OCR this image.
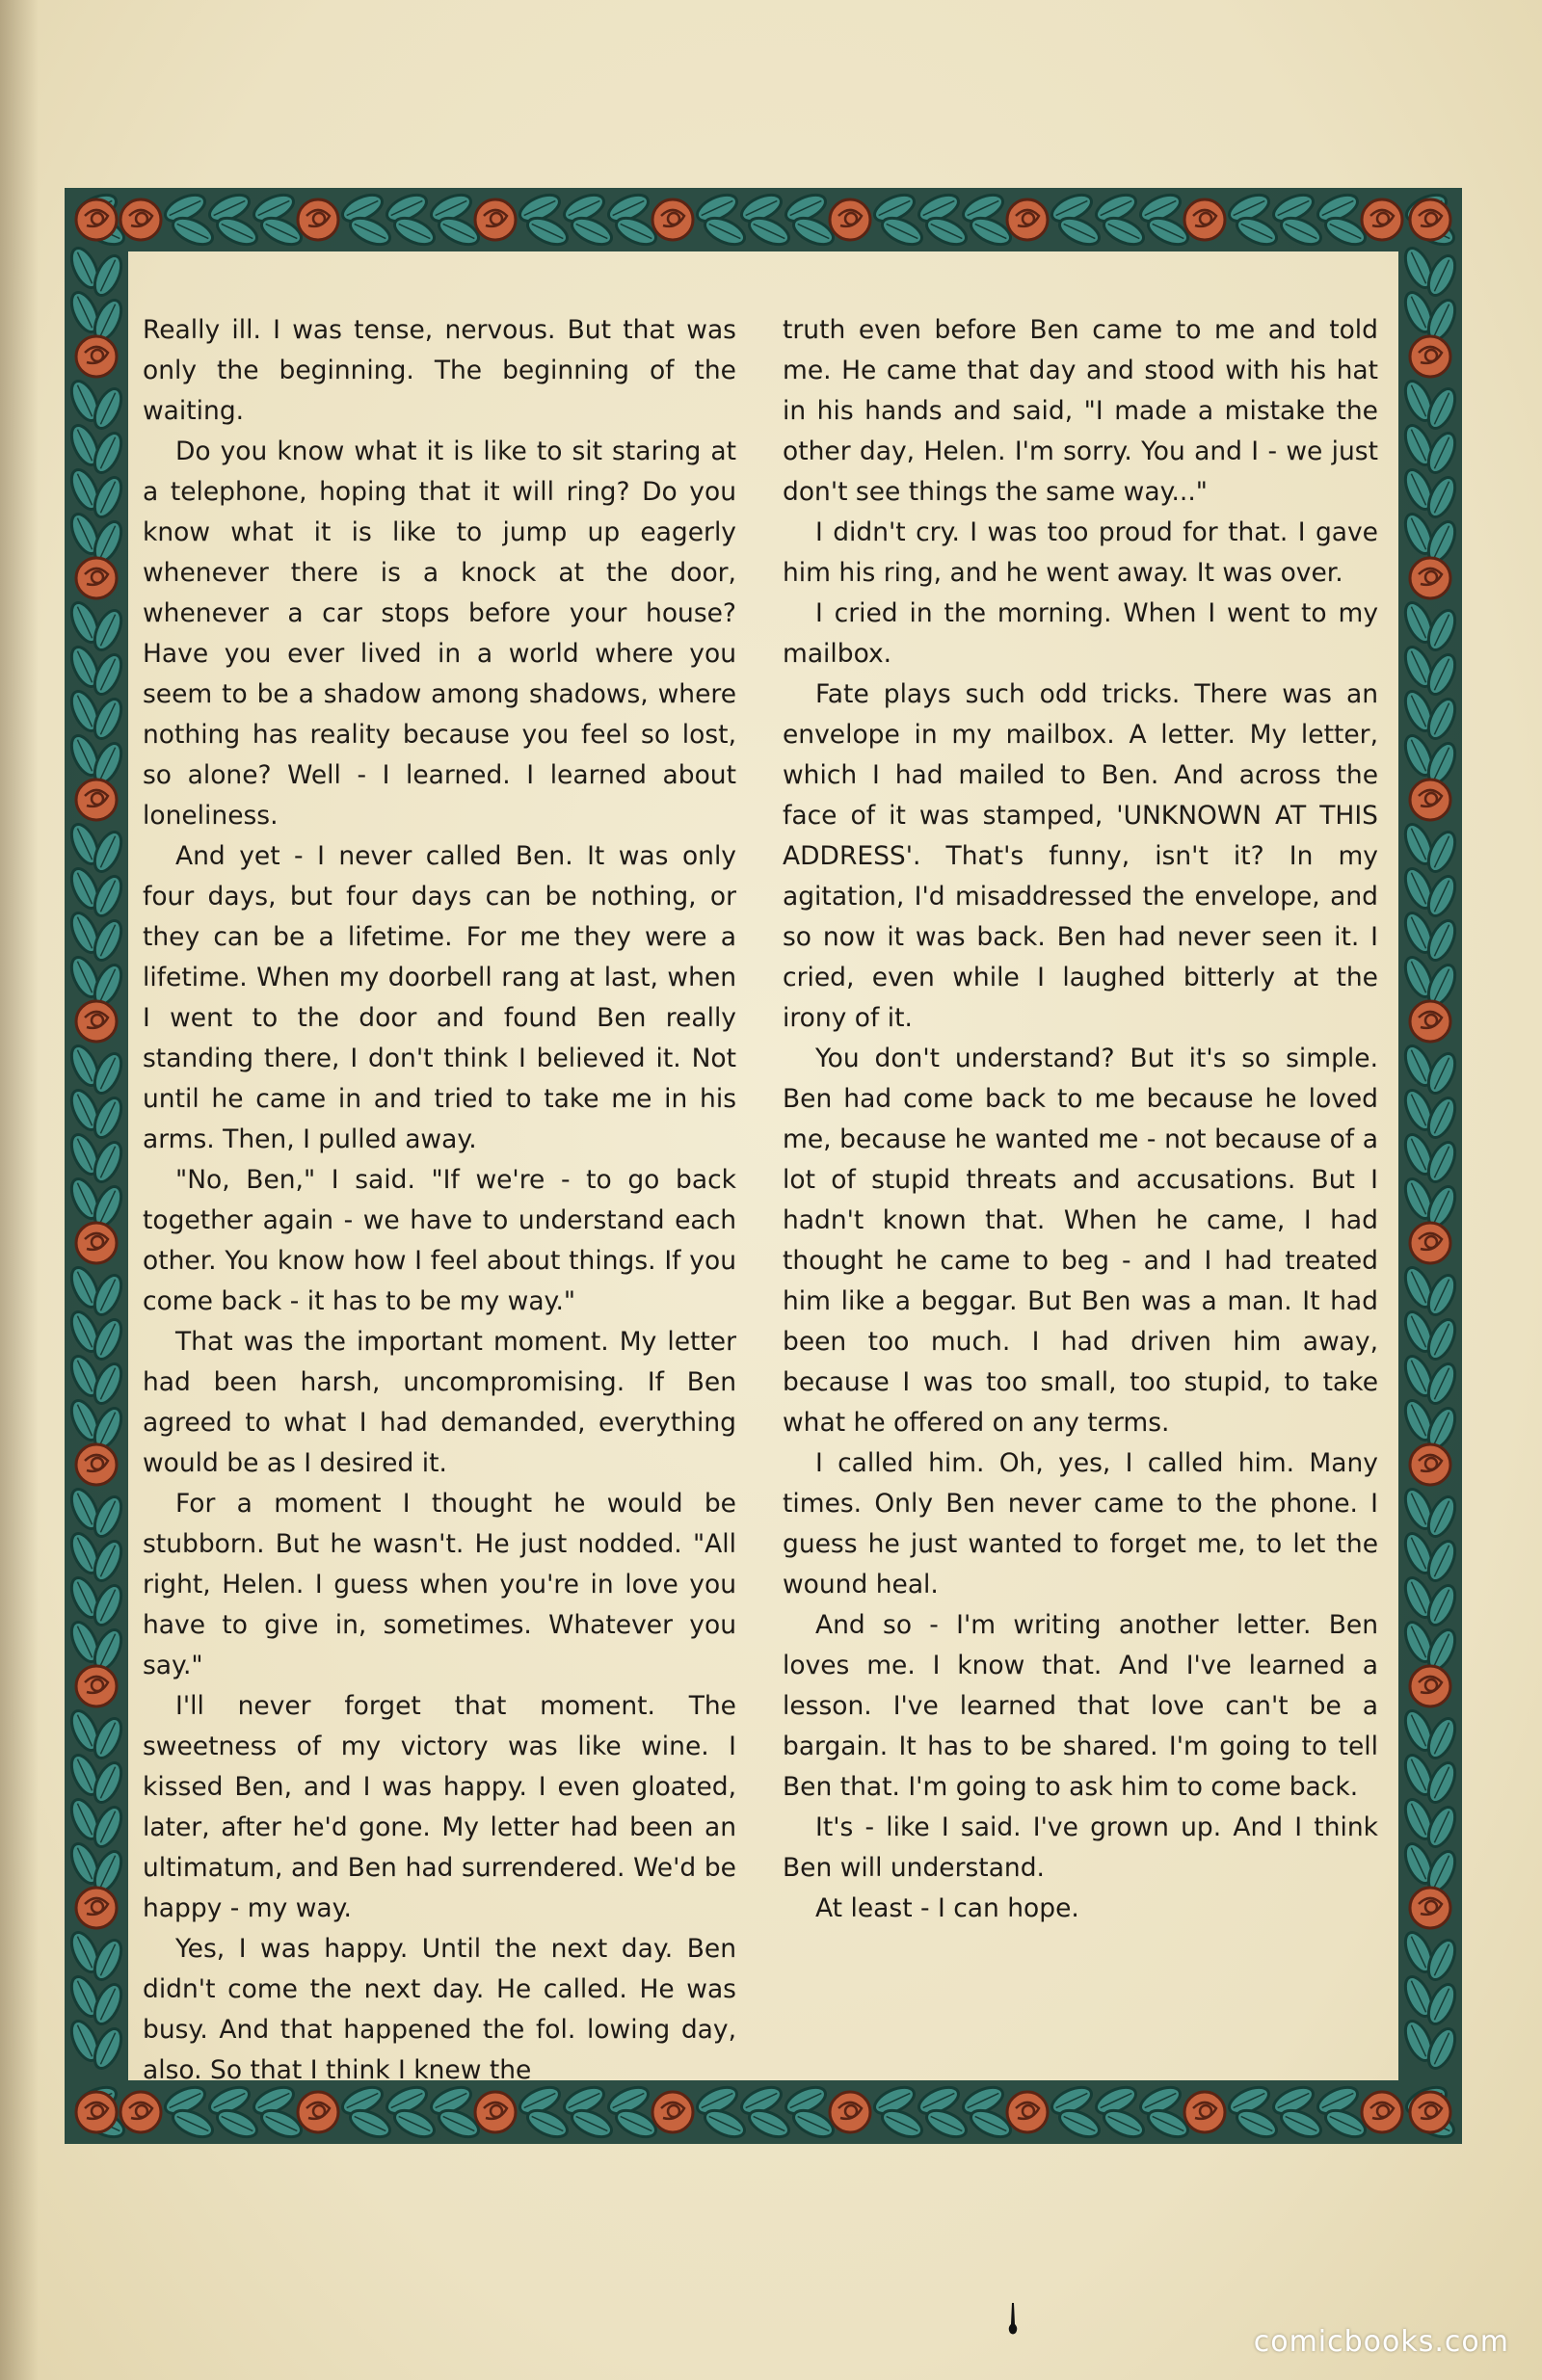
Really ill. I was tense, nervous. But that was only the beginning. The beginning of the waiting.

Do you know what it is like to sit staring at a telephone, hoping that it will ring? Do you know what it is like to jump up eagerly whenever there is a knock at the door, whenever a car stops before your house? Have you ever lived in a world where you seem to be a shadow among shadows, where nothing has reality because you feel so lost, so alone? Well - I learned. I learned about loneliness.

And yet - I never called Ben. It was only four days, but four days can be nothing, or they can be a lifetime. For me they were a lifetime. When my doorbell rang at last, when I went to the door and found Ben really standing there, I don't think I believed it. Not until he came in and tried to take me in his arms. Then, I pulled away.

"No, Ben," I said. "If we're - to go back together again - we have to understand each other. You know how I feel about things. If you come back - it has to be my way."

That was the important moment. My letter had been harsh, uncompromising. If Ben agreed to what I had demanded, everything would be as I desired it.

For a moment I thought he would be stubborn. But he wasn't. He just nodded. "All right, Helen. I guess when you're in love you have to give in, sometimes. Whatever you say."

I'll never forget that moment. The sweetness of my victory was like wine. I kissed Ben, and I was happy. I even gloated, later, after he'd gone. My letter had been an ultimatum, and Ben had surrendered. We'd be happy - my way.

Yes, I was happy. Until the next day. Ben didn't come the next day. He called. He was busy. And that happened the fol. lowing day, also. So that I think I knew the

truth even before Ben came to me and told me. He came that day and stood with his hat in his hands and said, "I made a mistake the other day, Helen. I'm sorry. You and I - we just don't see things the same way..."

I didn't cry. I was too proud for that. I gave him his ring, and he went away. It was over.

I cried in the morning. When I went to my mailbox.

Fate plays such odd tricks. There was an envelope in my mailbox. A letter. My letter, which I had mailed to Ben. And across the face of it was stamped, 'UNKNOWN AT THIS ADDRESS'. That's funny, isn't it? In my agitation, I'd misaddressed the envelope, and so now it was back. Ben had never seen it. I cried, even while I laughed bitterly at the irony of it.

You don't understand? But it's so simple. Ben had come back to me because he loved me, because he wanted me - not because of a lot of stupid threats and accusations. But I hadn't known that. When he came, I had thought he came to beg - and I had treated him like a beggar. But Ben was a man. It had been too much. I had driven him away, because I was too small, too stupid, to take what he offered on any terms.

I called him. Oh, yes, I called him. Many times. Only Ben never came to the phone. I guess he just wanted to forget me, to let the wound heal.

And so - I'm writing another letter. Ben loves me. I know that. And I've learned a lesson. I've learned that love can't be a bargain. It has to be shared. I'm going to tell Ben that. I'm going to ask him to come back.

It's - like I said. I've grown up. And I think Ben will understand.

At least - I can hope.

comicbooks.com
